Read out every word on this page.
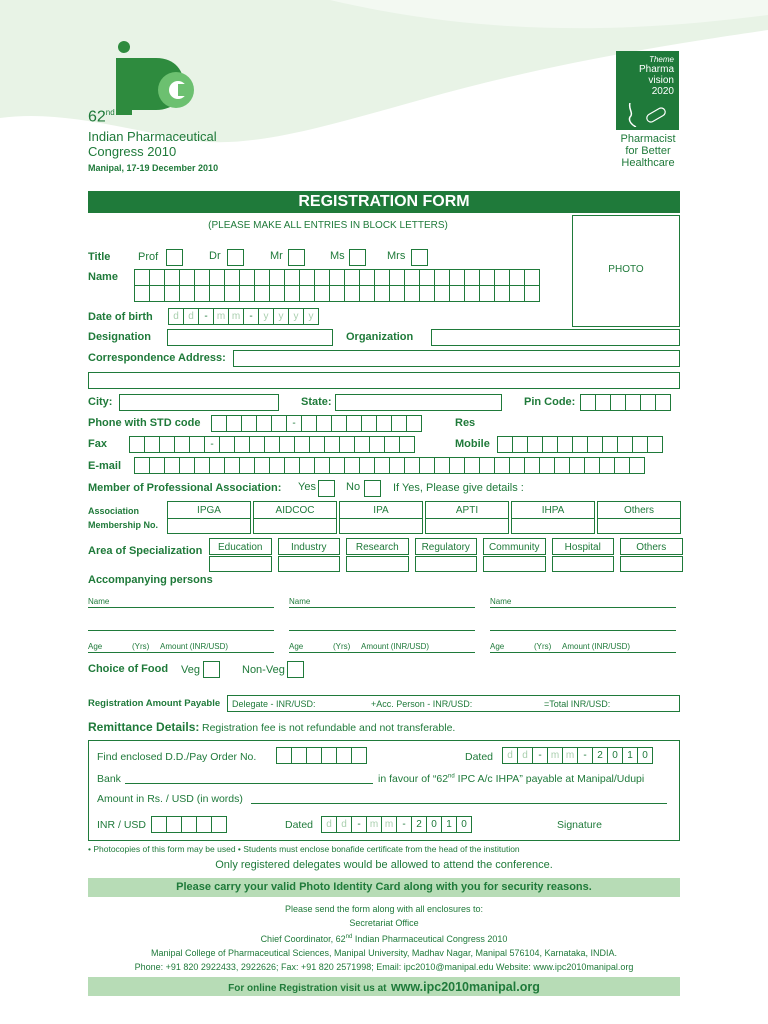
62nd
Indian Pharmaceutical
Congress 2010
Manipal, 17-19 December 2010
Theme
Pharma
vision
2020
Pharmacist
for Better
Healthcare
REGISTRATION FORM
(PLEASE MAKE ALL ENTRIES IN BLOCK LETTERS)
PHOTO
Title	Prof	Dr	Mr	Ms	Mrs
Name
Date of birth	d d	- m m -	y	y	y	y
Designation	Organization
Correspondence Address:
City:	State:	Pin Code:
Phone with STD code	-	Res
Fax	-	Mobile
E-mail
Member of Professional Association: Yes	No	If Yes, Please give details :
Association
Membership No.
IPGA	AIDCOC	IPA	APTI	IHPA	Others
Area of Specialization	Education	Industry	Research	Regulatory	Community	Hospital	Others
Accompanying persons
Name
Age	(Yrs) Amount (INR/USD)
Name
Age	(Yrs) Amount (INR/USD)
Name
Age	(Yrs) Amount (INR/USD)
Choice of Food Veg	Non-Veg
Registration Amount Payable Delegate - INR/USD:	+Acc. Person - INR/USD:	=Total INR/USD:
Remittance Details: Registration fee is not refundable and not transferable.
Find enclosed D.D./Pay Order No.	Dated	d d	- m m -	2 0 1 0
Bank	in favour of “62nd IPC A/c IHPA” payable at Manipal/Udupi
Amount in Rs. / USD (in words)
INR / USD	Dated	d d	- m m -	2 0 1 0	Signature
• Photocopies of this form may be used • Students must enclose bonafide certificate from the head of the institution
Only registered delegates would be allowed to attend the conference.
Please carry your valid Photo Identity Card along with you for security reasons.
Please send the form along with all enclosures to:
Secretariat Office
Chief Coordinator, 62nd Indian Pharmaceutical Congress 2010
Manipal College of Pharmaceutical Sciences, Manipal University, Madhav Nagar, Manipal 576104, Karnataka, INDIA.
Phone: +91 820 2922433, 2922626; Fax: +91 820 2571998; Email: ipc2010@manipal.edu Website: www.ipc2010manipal.org
For online Registration visit us at www.ipc2010manipal.org
